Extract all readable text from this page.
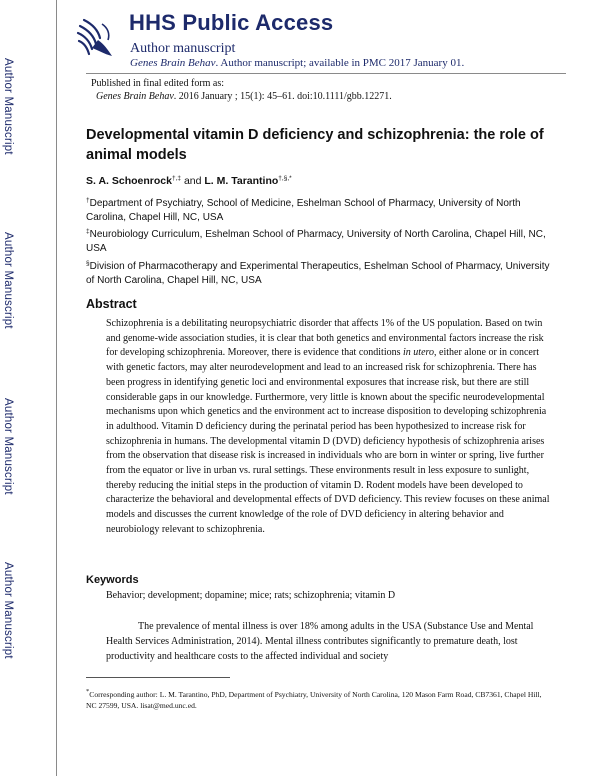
Author Manuscript
Author Manuscript
Author Manuscript
Author Manuscript
HHS Public Access
Author manuscript
Genes Brain Behav. Author manuscript; available in PMC 2017 January 01.
Published in final edited form as:
Genes Brain Behav. 2016 January ; 15(1): 45–61. doi:10.1111/gbb.12271.
Developmental vitamin D deficiency and schizophrenia: the role of animal models
S. A. Schoenrock†,‡ and L. M. Tarantino†,§,*
†Department of Psychiatry, School of Medicine, Eshelman School of Pharmacy, University of North Carolina, Chapel Hill, NC, USA
‡Neurobiology Curriculum, Eshelman School of Pharmacy, University of North Carolina, Chapel Hill, NC, USA
§Division of Pharmacotherapy and Experimental Therapeutics, Eshelman School of Pharmacy, University of North Carolina, Chapel Hill, NC, USA
Abstract

Schizophrenia is a debilitating neuropsychiatric disorder that affects 1% of the US population. Based on twin and genome-wide association studies, it is clear that both genetics and environmental factors increase the risk for developing schizophrenia. Moreover, there is evidence that conditions in utero, either alone or in concert with genetic factors, may alter neurodevelopment and lead to an increased risk for schizophrenia. There has been progress in identifying genetic loci and environmental exposures that increase risk, but there are still considerable gaps in our knowledge. Furthermore, very little is known about the specific neurodevelopmental mechanisms upon which genetics and the environment act to increase disposition to developing schizophrenia in adulthood. Vitamin D deficiency during the perinatal period has been hypothesized to increase risk for schizophrenia in humans. The developmental vitamin D (DVD) deficiency hypothesis of schizophrenia arises from the observation that disease risk is increased in individuals who are born in winter or spring, live further from the equator or live in urban vs. rural settings. These environments result in less exposure to sunlight, thereby reducing the initial steps in the production of vitamin D. Rodent models have been developed to characterize the behavioral and developmental effects of DVD deficiency. This review focuses on these animal models and discusses the current knowledge of the role of DVD deficiency in altering behavior and neurobiology relevant to schizophrenia.

Keywords
Behavior; development; dopamine; mice; rats; schizophrenia; vitamin D

The prevalence of mental illness is over 18% among adults in the USA (Substance Use and Mental Health Services Administration, 2014). Mental illness contributes significantly to premature death, lost productivity and healthcare costs to the affected individual and society

*Corresponding author: L. M. Tarantino, PhD, Department of Psychiatry, University of North Carolina, 120 Mason Farm Road, CB7361, Chapel Hill, NC 27599, USA. lisat@med.unc.ed.
